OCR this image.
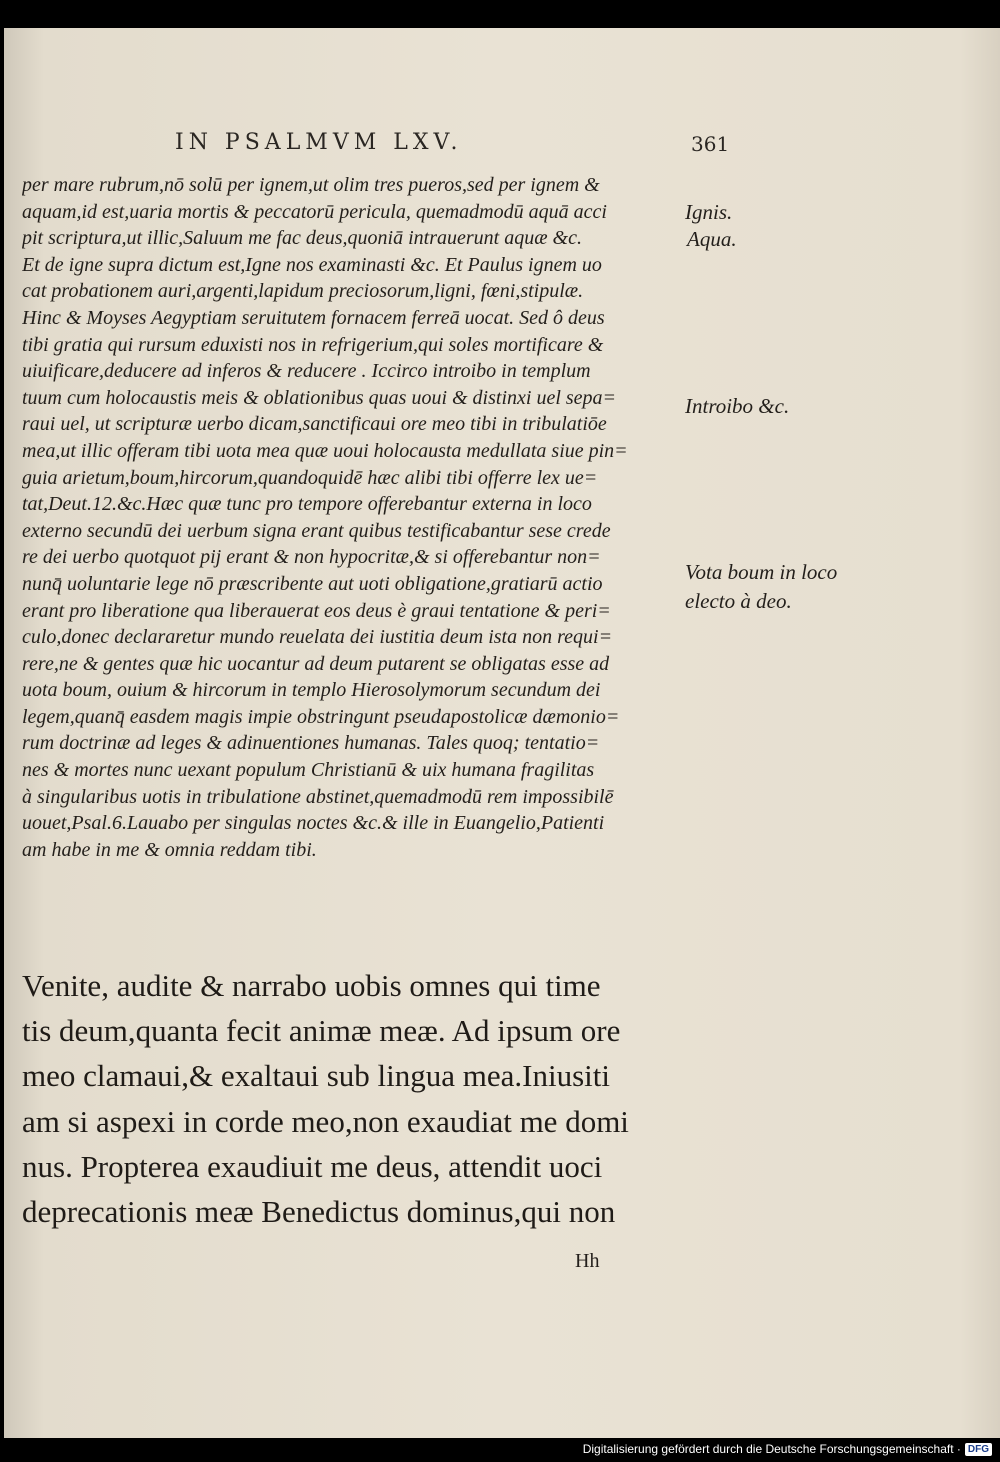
IN PSALMVM LXV.	361
per mare rubrum,nō solū per ignem,ut olim tres pueros,sed per ignem &
aquam,id est,uaria mortis & peccatorū pericula, quemadmodū aquā acci
pit scriptura,ut illic,Saluum me fac deus,quoniā intrauerunt aquæ &c.
Et de igne supra dictum est,Igne nos examinasti &c. Et Paulus ignem uo
cat probationem auri,argenti,lapidum preciosorum,ligni, fœni,stipulæ.
Hinc & Moyses Aegyptiam seruitutem fornacem ferreā uocat. Sed ô deus
tibi gratia qui rursum eduxisti nos in refrigerium,qui soles mortificare &
uiuificare,deducere ad inferos & reducere . Iccirco introibo in templum
tuum cum holocaustis meis & oblationibus quas uoui & distinxi uel sepa=
raui uel, ut scripturæ uerbo dicam,sanctificaui ore meo tibi in tribulatiōe
mea,ut illic offeram tibi uota mea quæ uoui holocausta medullata siue pin=
guia arietum,boum,hircorum,quandoquidē hæc alibi tibi offerre lex ue=
tat,Deut.12.&c.Hæc quæ tunc pro tempore offerebantur externa in loco
externo secundū dei uerbum signa erant quibus testificabantur sese crede
re dei uerbo quotquot pij erant & non hypocritæ,& si offerebantur non=
nunq̄ uoluntarie lege nō præscribente aut uoti obligatione,gratiarū actio
erant pro liberatione qua liberauerat eos deus è graui tentatione & peri=
culo,donec declararetur mundo reuelata dei iustitia deum ista non requi=
rere,ne & gentes quæ hic uocantur ad deum putarent se obligatas esse ad
uota boum, ouium & hircorum in templo Hierosolymorum secundum dei
legem,quanq̄ easdem magis impie obstringunt pseudapostolicæ dæmonio=
rum doctrinæ ad leges & adinuentiones humanas. Tales quoq; tentatio=
nes & mortes nunc uexant populum Christianū & uix humana fragilitas
à singularibus uotis in tribulatione abstinet,quemadmodū rem impossibilē
uouet,Psal.6.Lauabo per singulas noctes &c.& ille in Euangelio,Patienti
am habe in me & omnia reddam tibi.
Ignis.
Aqua.
Introibo &c.
Vota boum in loco electo à deo.
Venite, audite & narrabo uobis omnes qui time
tis deum,quanta fecit animæ meæ. Ad ipsum ore
meo clamaui,& exaltaui sub lingua mea.Iniusiti
am si aspexi in corde meo,non exaudiat me domi
nus. Propterea exaudiuit me deus, attendit uoci
deprecationis meæ Benedictus dominus,qui non
Hh
Digitalisierung gefördert durch die Deutsche Forschungsgemeinschaft · DFG
